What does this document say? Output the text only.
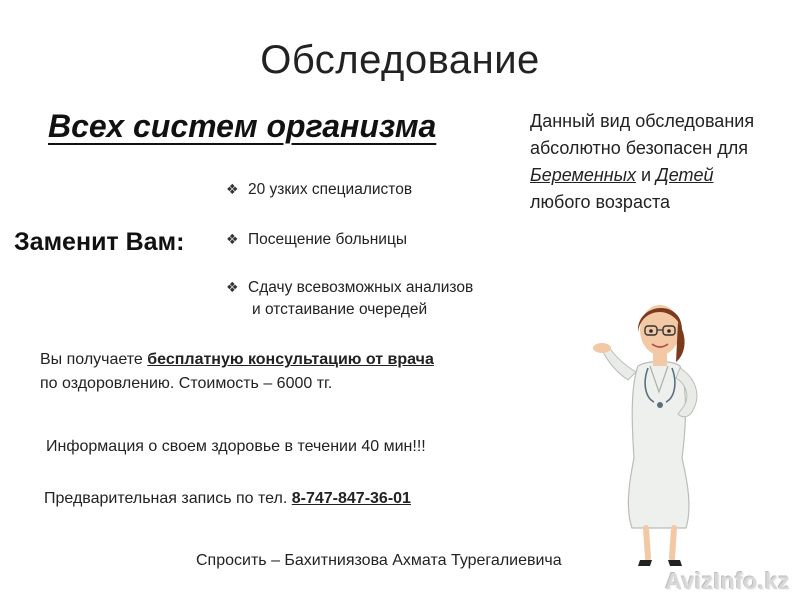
Обследование
Всех систем организма	Данный вид обследования
абсолютно безопасен для
Беременных и Детей
любого возраста
Заменит Вам:
❖ 20 узких специалистов
❖ Посещение больницы
❖ Сдачу всевозможных анализов
и отстаивание очередей
Вы получаете бесплатную консультацию от врача
по оздоровлению. Стоимость – 6000 тг.
Информация о своем здоровье в течении 40 мин!!!
Предварительная запись по тел. 8-747-847-36-01
Спросить – Бахитниязова Ахмата Турегалиевича
AvizInfo.kz
